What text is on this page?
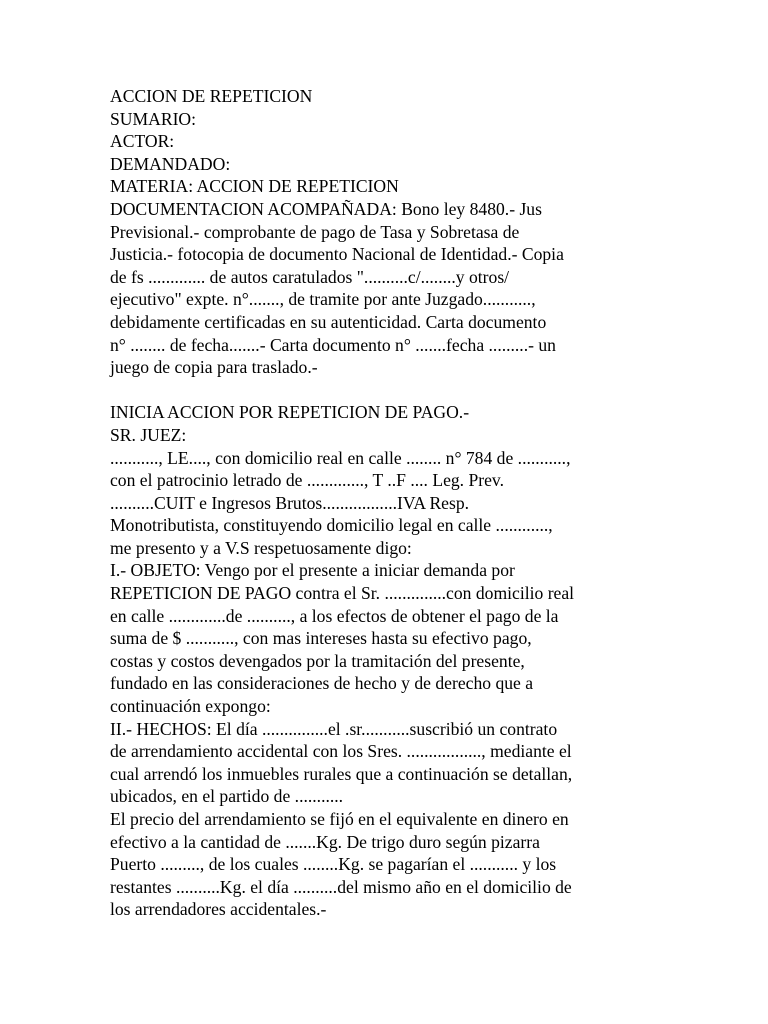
ACCION DE REPETICION
SUMARIO:
ACTOR:
DEMANDADO:
MATERIA: ACCION DE REPETICION
DOCUMENTACION ACOMPAÑADA: Bono ley 8480.- Jus
Previsional.- comprobante de pago de Tasa y Sobretasa de
Justicia.- fotocopia de documento Nacional de Identidad.- Copia
de fs ............. de autos caratulados "..........c/........y otros/
ejecutivo" expte. n°......., de tramite por ante Juzgado...........,
debidamente certificadas en su autenticidad. Carta documento
n° ........ de fecha.......- Carta documento n° .......fecha .........- un
juego de copia para traslado.-
INICIA ACCION POR REPETICION DE PAGO.-
SR. JUEZ:
..........., LE...., con domicilio real en calle ........ n° 784 de ...........,
con el patrocinio letrado de ............., T ..F .... Leg. Prev.
..........CUIT e Ingresos Brutos.................IVA Resp.
Monotributista, constituyendo domicilio legal en calle ............,
me presento y a V.S respetuosamente digo:
I.- OBJETO: Vengo por el presente a iniciar demanda por
REPETICION DE PAGO contra el Sr. ..............con domicilio real
en calle .............de .........., a los efectos de obtener el pago de la
suma de $ ..........., con mas intereses hasta su efectivo pago,
costas y costos devengados por la tramitación del presente,
fundado en las consideraciones de hecho y de derecho que a
continuación expongo:
II.- HECHOS: El día ...............el .sr...........suscribió un contrato
de arrendamiento accidental con los Sres. ................., mediante el
cual arrendó los inmuebles rurales que a continuación se detallan,
ubicados, en el partido de ...........
El precio del arrendamiento se fijó en el equivalente en dinero en
efectivo a la cantidad de .......Kg. De trigo duro según pizarra
Puerto ........., de los cuales ........Kg. se pagarían el ........... y los
restantes ..........Kg. el día ..........del mismo año en el domicilio de
los arrendadores accidentales.-
